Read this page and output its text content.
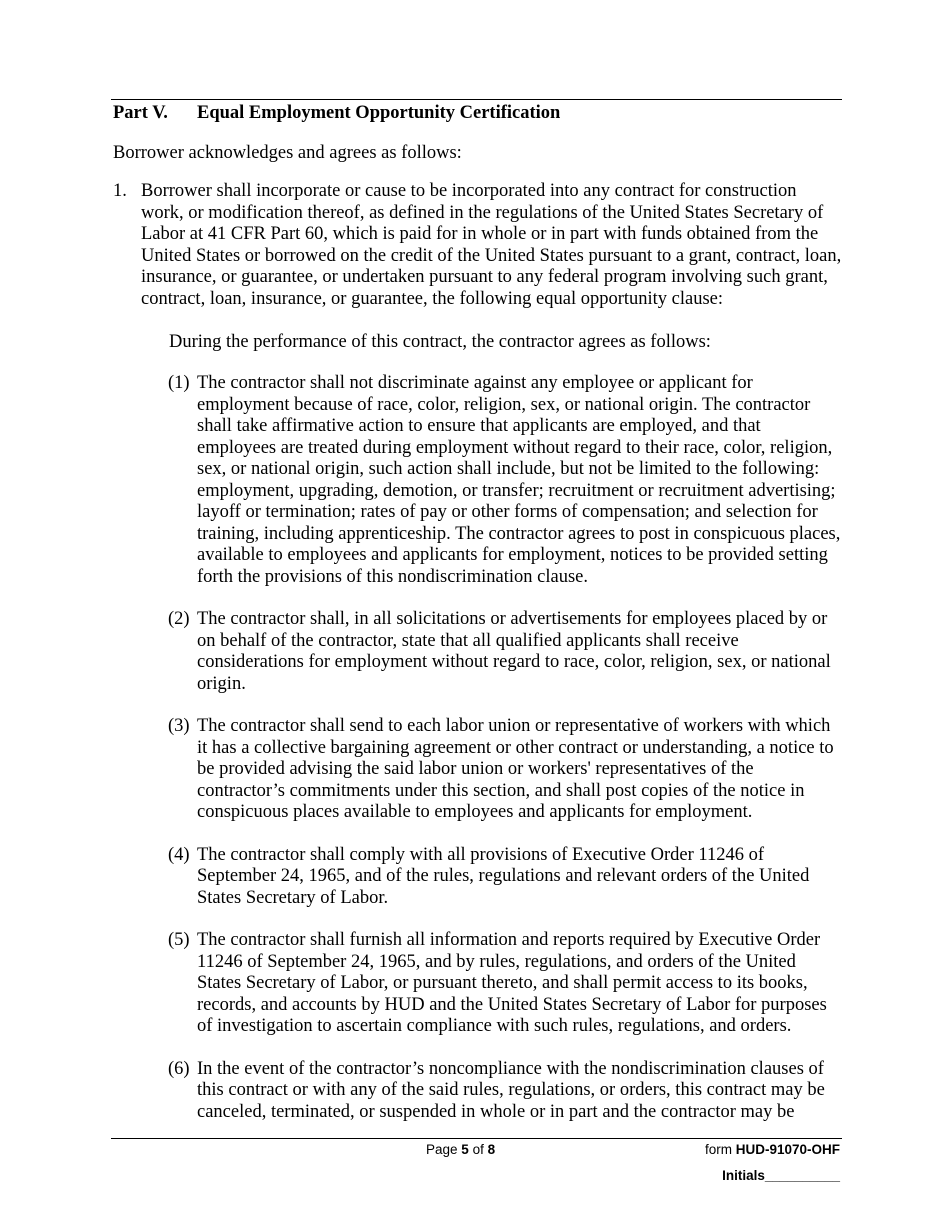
Part V. Equal Employment Opportunity Certification
Borrower acknowledges and agrees as follows:
1. Borrower shall incorporate or cause to be incorporated into any contract for construction work, or modification thereof, as defined in the regulations of the United States Secretary of Labor at 41 CFR Part 60, which is paid for in whole or in part with funds obtained from the United States or borrowed on the credit of the United States pursuant to a grant, contract, loan, insurance, or guarantee, or undertaken pursuant to any federal program involving such grant, contract, loan, insurance, or guarantee, the following equal opportunity clause:
During the performance of this contract, the contractor agrees as follows:
(1) The contractor shall not discriminate against any employee or applicant for employment because of race, color, religion, sex, or national origin. The contractor shall take affirmative action to ensure that applicants are employed, and that employees are treated during employment without regard to their race, color, religion, sex, or national origin, such action shall include, but not be limited to the following: employment, upgrading, demotion, or transfer; recruitment or recruitment advertising; layoff or termination; rates of pay or other forms of compensation; and selection for training, including apprenticeship. The contractor agrees to post in conspicuous places, available to employees and applicants for employment, notices to be provided setting forth the provisions of this nondiscrimination clause.
(2) The contractor shall, in all solicitations or advertisements for employees placed by or on behalf of the contractor, state that all qualified applicants shall receive considerations for employment without regard to race, color, religion, sex, or national origin.
(3) The contractor shall send to each labor union or representative of workers with which it has a collective bargaining agreement or other contract or understanding, a notice to be provided advising the said labor union or workers' representatives of the contractor’s commitments under this section, and shall post copies of the notice in conspicuous places available to employees and applicants for employment.
(4) The contractor shall comply with all provisions of Executive Order 11246 of September 24, 1965, and of the rules, regulations and relevant orders of the United States Secretary of Labor.
(5) The contractor shall furnish all information and reports required by Executive Order 11246 of September 24, 1965, and by rules, regulations, and orders of the United States Secretary of Labor, or pursuant thereto, and shall permit access to its books, records, and accounts by HUD and the United States Secretary of Labor for purposes of investigation to ascertain compliance with such rules, regulations, and orders.
(6) In the event of the contractor’s noncompliance with the nondiscrimination clauses of this contract or with any of the said rules, regulations, or orders, this contract may be canceled, terminated, or suspended in whole or in part and the contractor may be
Page 5 of 8	form HUD-91070-OHF
Initials__________
